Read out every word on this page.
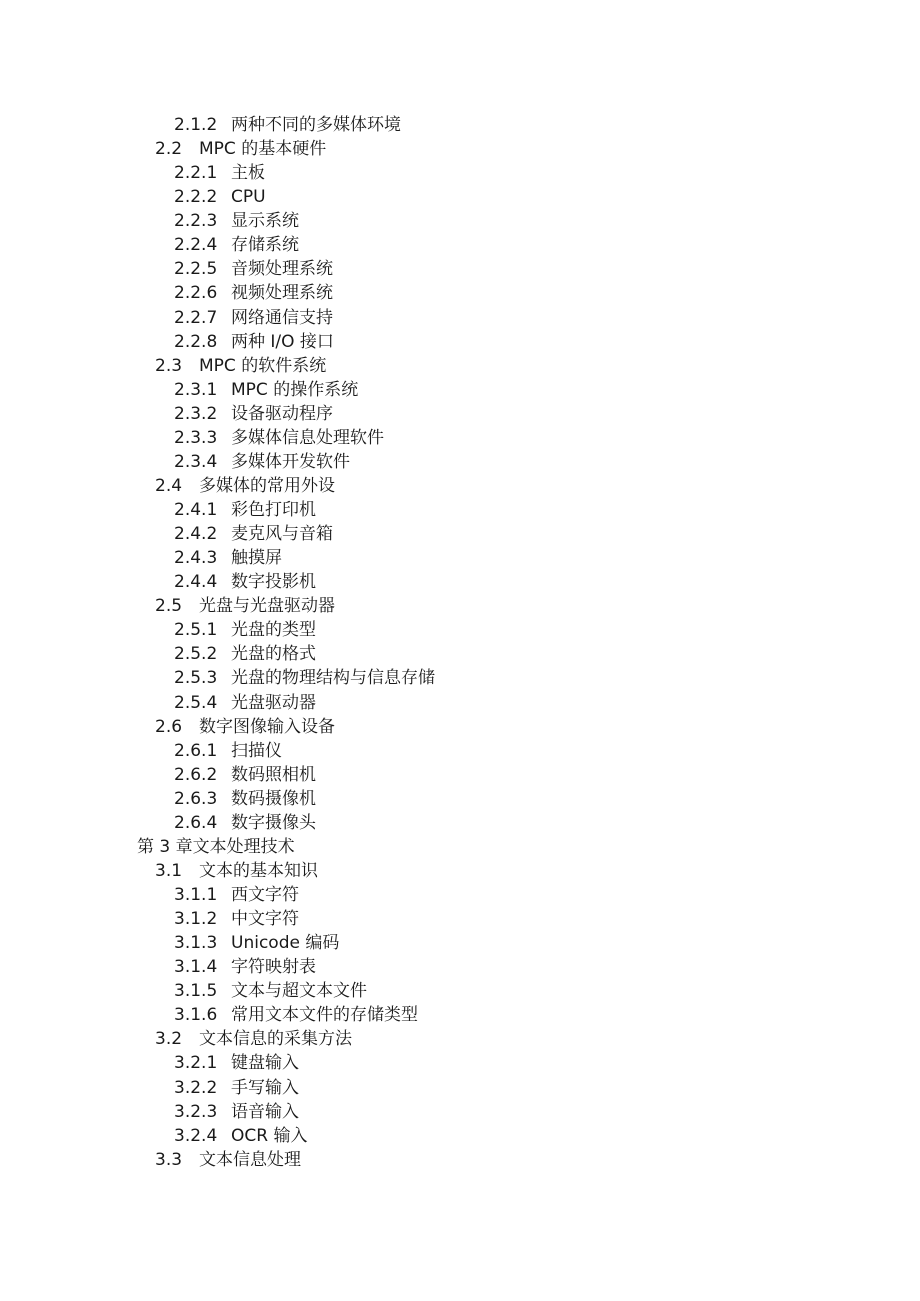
2.1.2 两种不同的多媒体环境
2.2 MPC 的基本硬件
2.2.1 主板
2.2.2 CPU
2.2.3 显示系统
2.2.4 存储系统
2.2.5 音频处理系统
2.2.6 视频处理系统
2.2.7 网络通信支持
2.2.8 两种 I/O 接口
2.3 MPC 的软件系统
2.3.1 MPC 的操作系统
2.3.2 设备驱动程序
2.3.3 多媒体信息处理软件
2.3.4 多媒体开发软件
2.4 多媒体的常用外设
2.4.1 彩色打印机
2.4.2 麦克风与音箱
2.4.3 触摸屏
2.4.4 数字投影机
2.5 光盘与光盘驱动器
2.5.1 光盘的类型
2.5.2 光盘的格式
2.5.3 光盘的物理结构与信息存储
2.5.4 光盘驱动器
2.6 数字图像输入设备
2.6.1 扫描仪
2.6.2 数码照相机
2.6.3 数码摄像机
2.6.4 数字摄像头
第 3 章文本处理技术
3.1 文本的基本知识
3.1.1 西文字符
3.1.2 中文字符
3.1.3 Unicode 编码
3.1.4 字符映射表
3.1.5 文本与超文本文件
3.1.6 常用文本文件的存储类型
3.2 文本信息的采集方法
3.2.1 键盘输入
3.2.2 手写输入
3.2.3 语音输入
3.2.4 OCR 输入
3.3 文本信息处理
